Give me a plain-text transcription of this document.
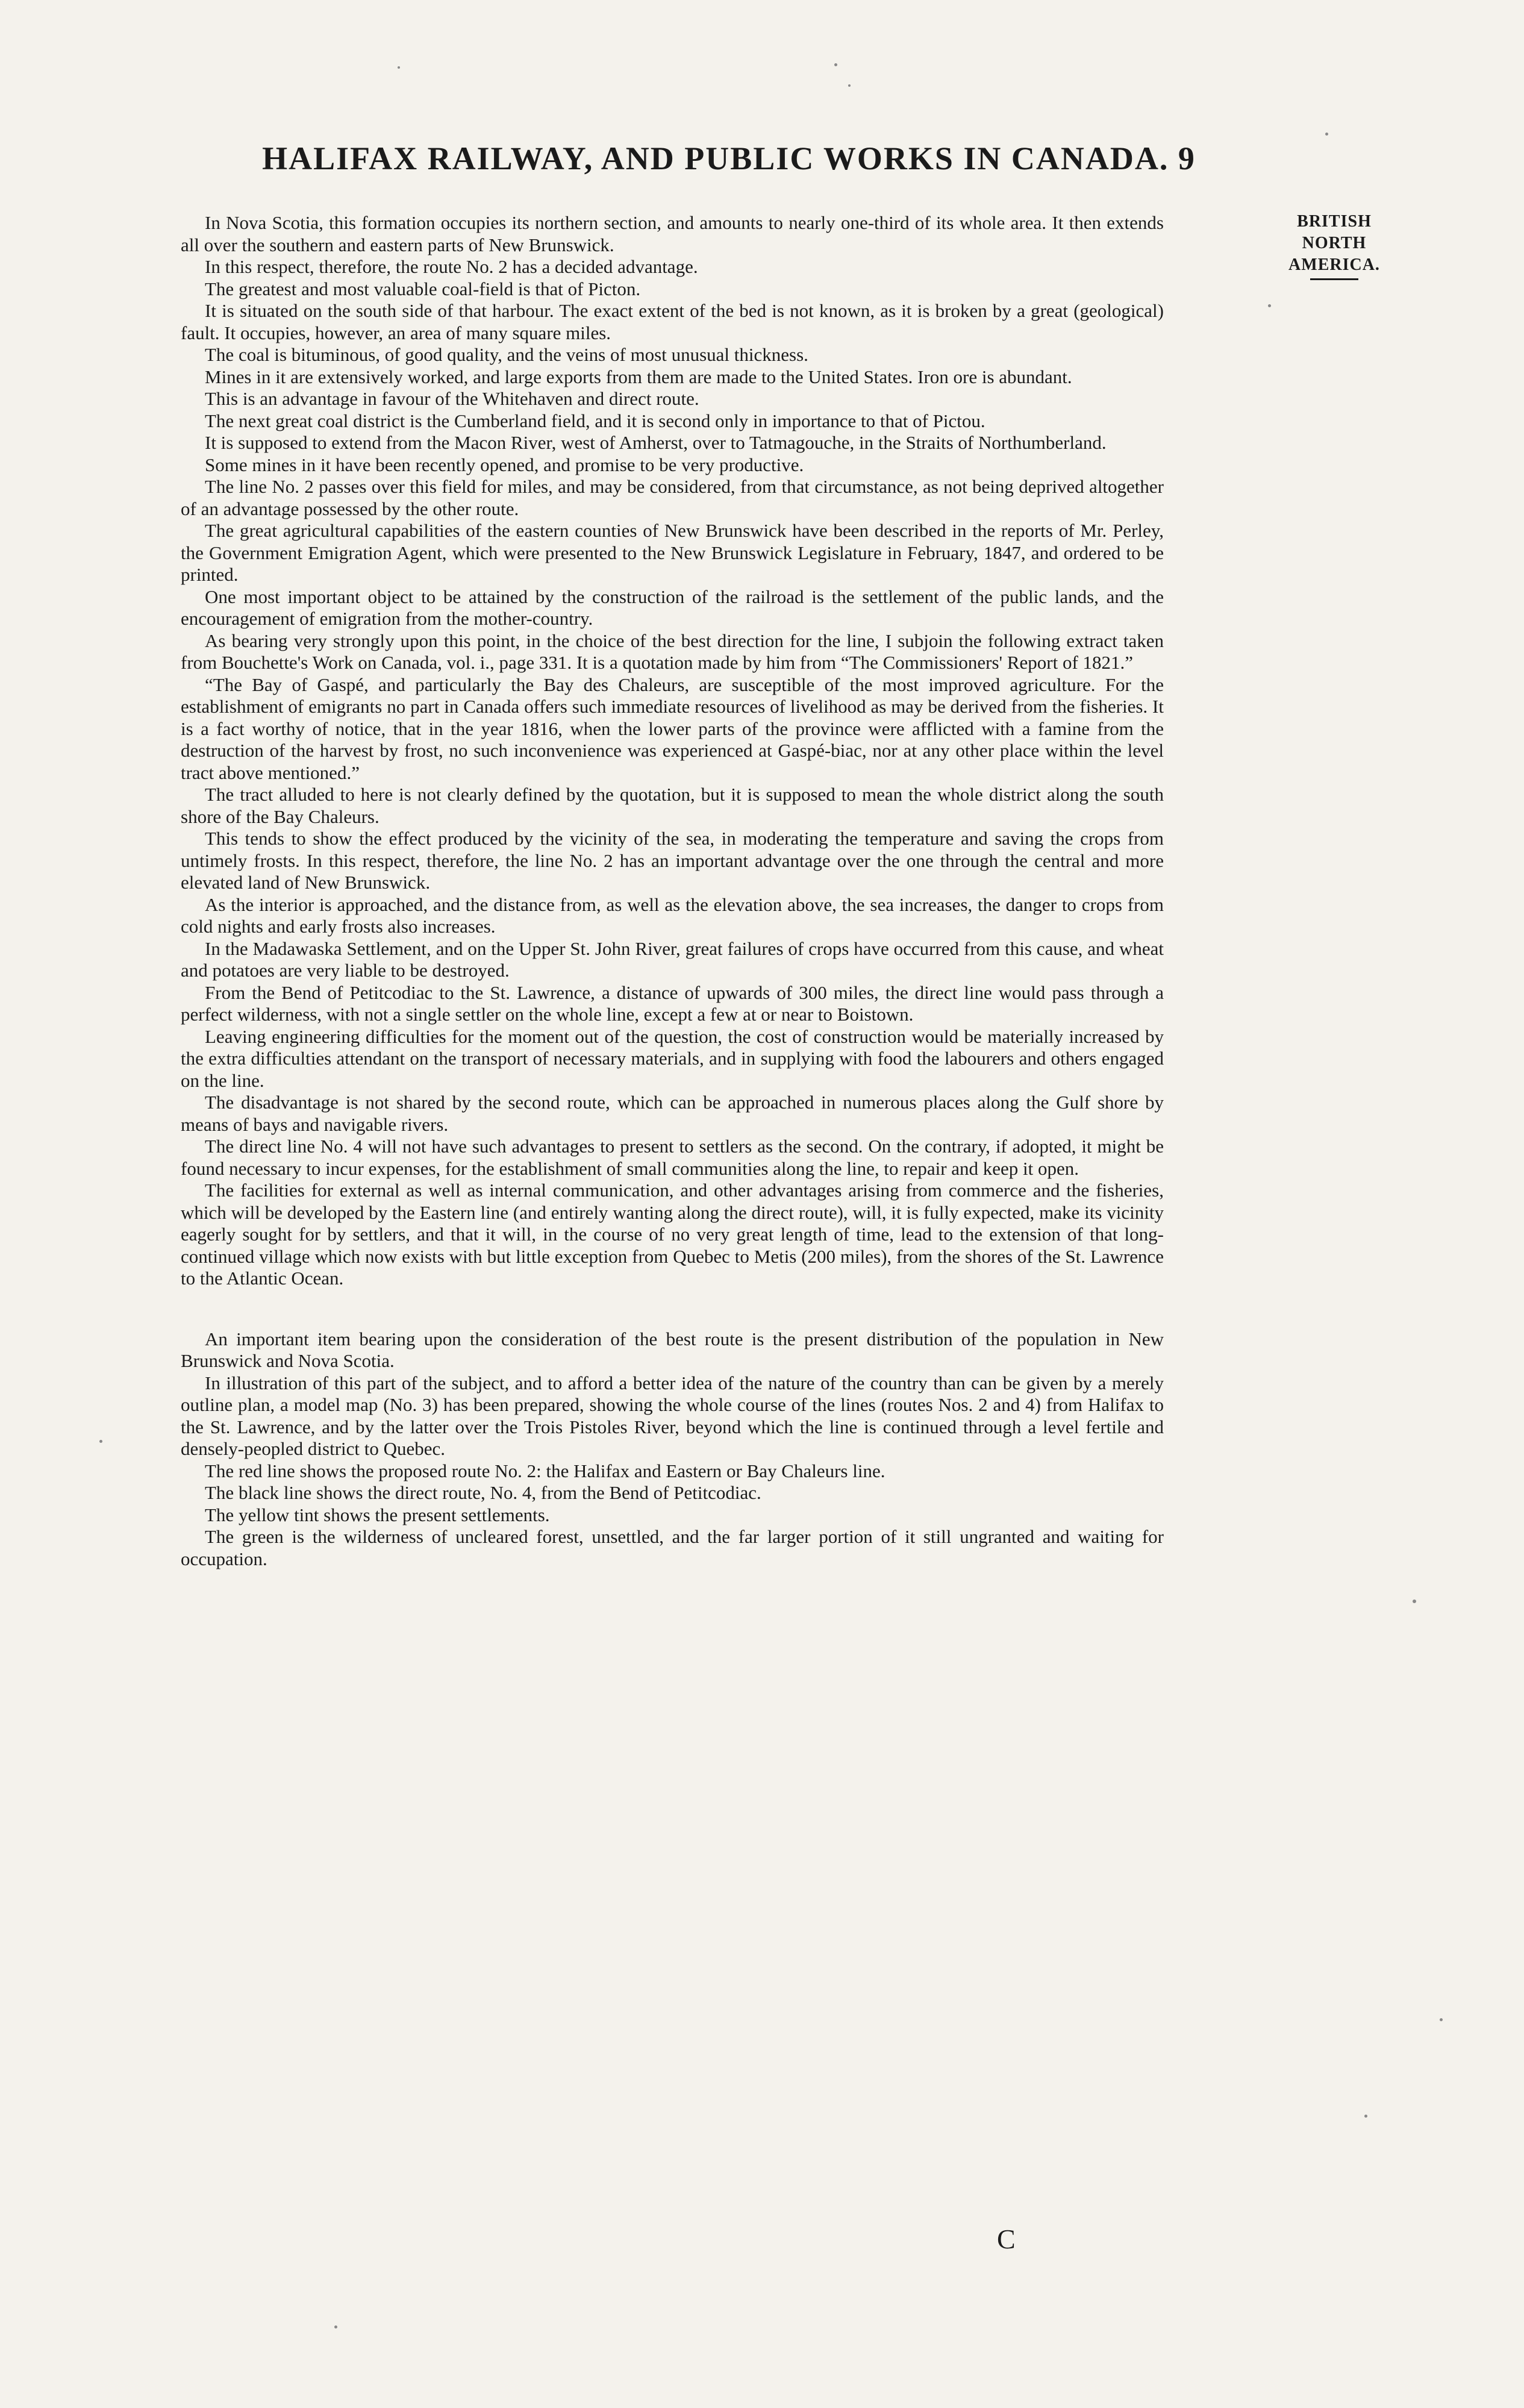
HALIFAX RAILWAY, AND PUBLIC WORKS IN CANADA. 9
BRITISH
NORTH AMERICA.

In Nova Scotia, this formation occupies its northern section, and amounts to nearly one-third of its whole area. It then extends all over the southern and eastern parts of New Brunswick.

In this respect, therefore, the route No. 2 has a decided advantage.

The greatest and most valuable coal-field is that of Picton.

It is situated on the south side of that harbour. The exact extent of the bed is not known, as it is broken by a great (geological) fault. It occupies, however, an area of many square miles.

The coal is bituminous, of good quality, and the veins of most unusual thickness.

Mines in it are extensively worked, and large exports from them are made to the United States. Iron ore is abundant.

This is an advantage in favour of the Whitehaven and direct route.

The next great coal district is the Cumberland field, and it is second only in importance to that of Pictou.

It is supposed to extend from the Macon River, west of Amherst, over to Tatmagouche, in the Straits of Northumberland.

Some mines in it have been recently opened, and promise to be very productive.

The line No. 2 passes over this field for miles, and may be considered, from that circumstance, as not being deprived altogether of an advantage possessed by the other route.

The great agricultural capabilities of the eastern counties of New Brunswick have been described in the reports of Mr. Perley, the Government Emigration Agent, which were presented to the New Brunswick Legislature in February, 1847, and ordered to be printed.

One most important object to be attained by the construction of the railroad is the settlement of the public lands, and the encouragement of emigration from the mother-country.

As bearing very strongly upon this point, in the choice of the best direction for the line, I subjoin the following extract taken from Bouchette's Work on Canada, vol. i., page 331. It is a quotation made by him from “The Commissioners' Report of 1821.”

“The Bay of Gaspé, and particularly the Bay des Chaleurs, are susceptible of the most improved agriculture. For the establishment of emigrants no part in Canada offers such immediate resources of livelihood as may be derived from the fisheries. It is a fact worthy of notice, that in the year 1816, when the lower parts of the province were afflicted with a famine from the destruction of the harvest by frost, no such inconvenience was experienced at Gaspé-biac, nor at any other place within the level tract above mentioned.”

The tract alluded to here is not clearly defined by the quotation, but it is supposed to mean the whole district along the south shore of the Bay Chaleurs.

This tends to show the effect produced by the vicinity of the sea, in moderating the temperature and saving the crops from untimely frosts. In this respect, therefore, the line No. 2 has an important advantage over the one through the central and more elevated land of New Brunswick.

As the interior is approached, and the distance from, as well as the elevation above, the sea increases, the danger to crops from cold nights and early frosts also increases.

In the Madawaska Settlement, and on the Upper St. John River, great failures of crops have occurred from this cause, and wheat and potatoes are very liable to be destroyed.

From the Bend of Petitcodiac to the St. Lawrence, a distance of upwards of 300 miles, the direct line would pass through a perfect wilderness, with not a single settler on the whole line, except a few at or near to Boistown.

Leaving engineering difficulties for the moment out of the question, the cost of construction would be materially increased by the extra difficulties attendant on the transport of necessary materials, and in supplying with food the labourers and others engaged on the line.

The disadvantage is not shared by the second route, which can be approached in numerous places along the Gulf shore by means of bays and navigable rivers.

The direct line No. 4 will not have such advantages to present to settlers as the second. On the contrary, if adopted, it might be found necessary to incur expenses, for the establishment of small communities along the line, to repair and keep it open.

The facilities for external as well as internal communication, and other advantages arising from commerce and the fisheries, which will be developed by the Eastern line (and entirely wanting along the direct route), will, it is fully expected, make its vicinity eagerly sought for by settlers, and that it will, in the course of no very great length of time, lead to the extension of that long-continued village which now exists with but little exception from Quebec to Metis (200 miles), from the shores of the St. Lawrence to the Atlantic Ocean.

An important item bearing upon the consideration of the best route is the present distribution of the population in New Brunswick and Nova Scotia.

In illustration of this part of the subject, and to afford a better idea of the nature of the country than can be given by a merely outline plan, a model map (No. 3) has been prepared, showing the whole course of the lines (routes Nos. 2 and 4) from Halifax to the St. Lawrence, and by the latter over the Trois Pistoles River, beyond which the line is continued through a level fertile and densely-peopled district to Quebec.

The red line shows the proposed route No. 2: the Halifax and Eastern or Bay Chaleurs line.

The black line shows the direct route, No. 4, from the Bend of Petitcodiac.

The yellow tint shows the present settlements.

The green is the wilderness of uncleared forest, unsettled, and the far larger portion of it still ungranted and waiting for occupation.

C
